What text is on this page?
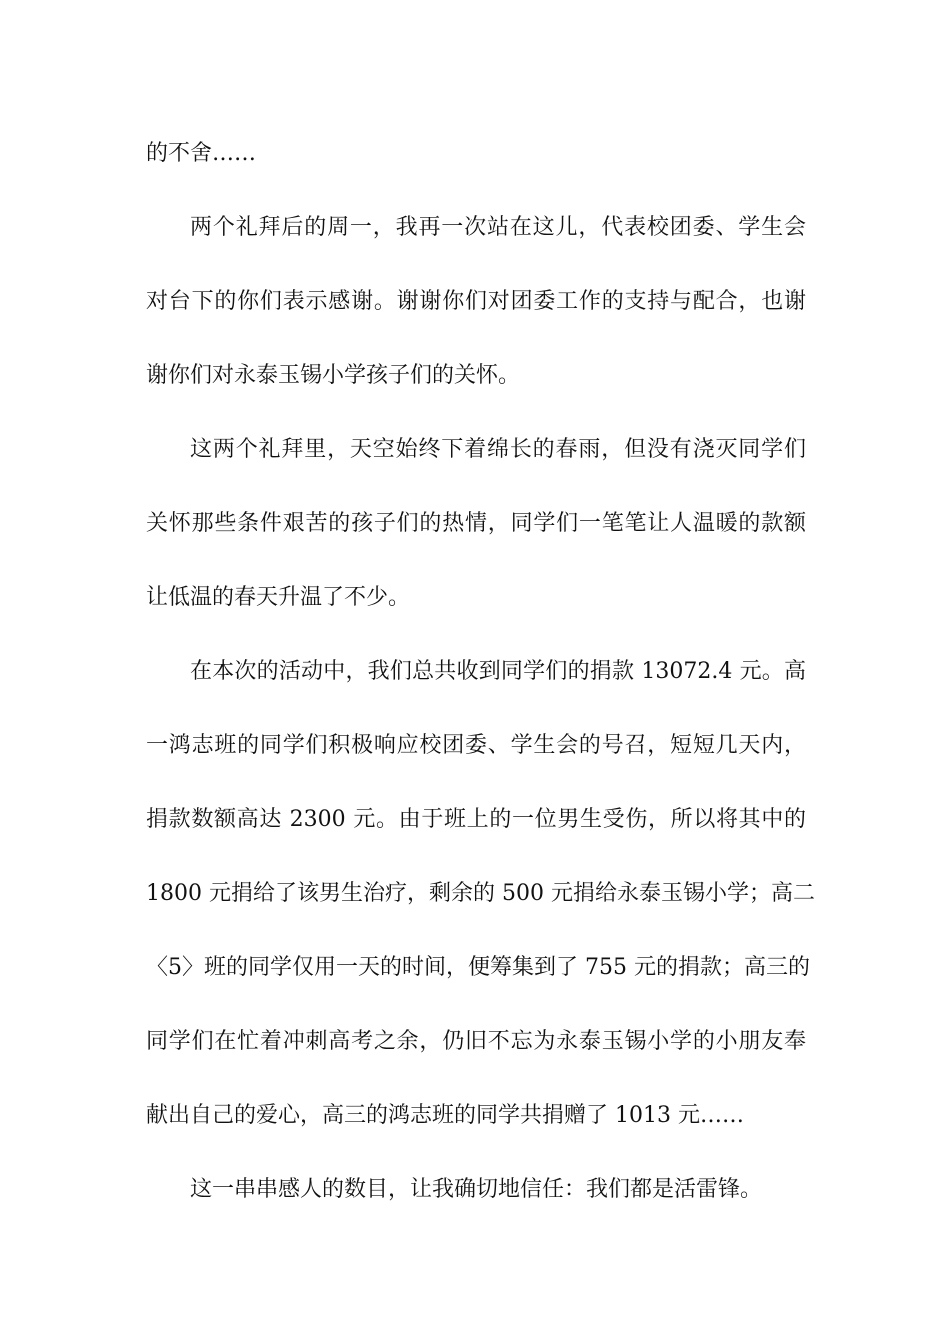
的不舍……
两个礼拜后的周一，我再一次站在这儿，代表校团委、学生会
对台下的你们表示感谢。谢谢你们对团委工作的支持与配合，也谢
谢你们对永泰玉锡小学孩子们的关怀。
这两个礼拜里，天空始终下着绵长的春雨，但没有浇灭同学们
关怀那些条件艰苦的孩子们的热情，同学们一笔笔让人温暖的款额
让低温的春天升温了不少。
在本次的活动中，我们总共收到同学们的捐款 13072.4 元。高
一鸿志班的同学们积极响应校团委、学生会的号召，短短几天内，
捐款数额高达 2300 元。由于班上的一位男生受伤，所以将其中的
1800 元捐给了该男生治疗，剩余的 500 元捐给永泰玉锡小学；高二
〈5〉班的同学仅用一天的时间，便筹集到了 755 元的捐款；高三的
同学们在忙着冲刺高考之余，仍旧不忘为永泰玉锡小学的小朋友奉
献出自己的爱心，高三的鸿志班的同学共捐赠了 1013 元……
这一串串感人的数目，让我确切地信任：我们都是活雷锋。
